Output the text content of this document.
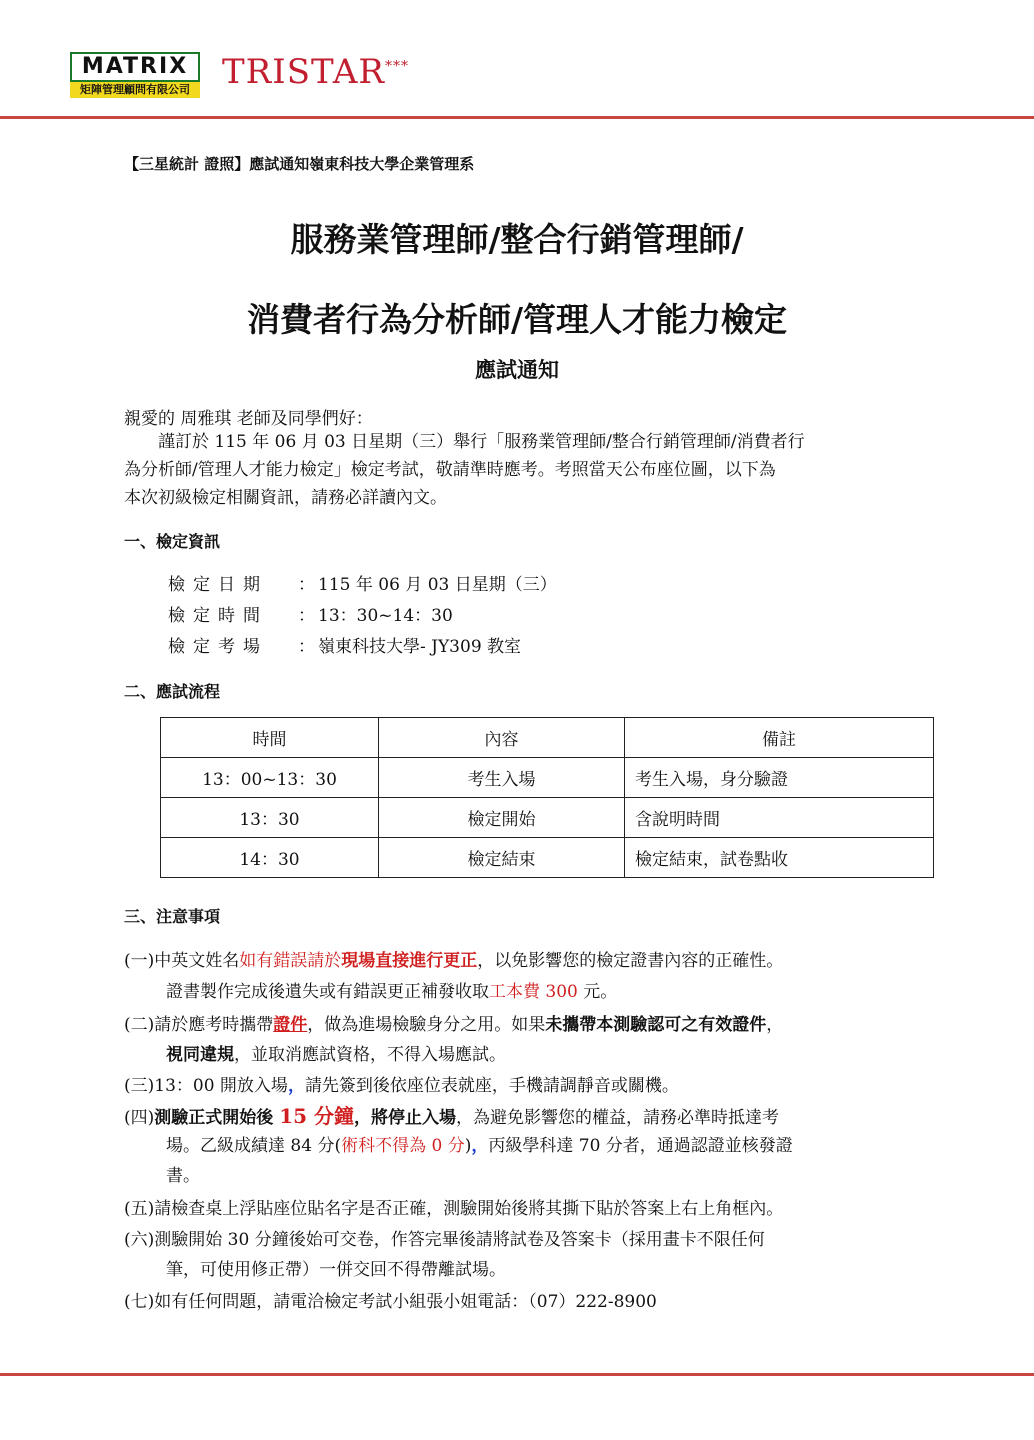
MATRIX
矩陣管理顧問有限公司 TRISTAR***
【三星統計 證照】應試通知嶺東科技大學企業管理系
服務業管理師/整合行銷管理師/
消費者行為分析師/管理人才能力檢定
應試通知
親愛的 周雅琪 老師及同學們好：
　　謹訂於 115 年 06 月 03 日星期（三）舉行「服務業管理師/整合行銷管理師/消費者行
為分析師/管理人才能力檢定」檢定考試，敬請準時應考。考照當天公布座位圖，以下為
本次初級檢定相關資訊，請務必詳讀內文。
一、檢定資訊
檢定日期 ： 115 年 06 月 03 日星期（三）
檢定時間 ： 13：30~14：30
檢定考場 ： 嶺東科技大學- JY309 教室
二、應試流程
時間	內容	備註
13：00~13：30	考生入場	考生入場，身分驗證
13：30	檢定開始	含說明時間
14：30	檢定結束	檢定結束，試卷點收
三、注意事項
(一)中英文姓名如有錯誤請於現場直接進行更正，以免影響您的檢定證書內容的正確性。
證書製作完成後遺失或有錯誤更正補發收取工本費 300 元。
(二)請於應考時攜帶證件，做為進場檢驗身分之用。如果未攜帶本測驗認可之有效證件，
視同違規，並取消應試資格，不得入場應試。
(三)13：00 開放入場，請先簽到後依座位表就座，手機請調靜音或關機。
(四)測驗正式開始後 15 分鐘，將停止入場，為避免影響您的權益，請務必準時抵達考
場。乙級成績達 84 分(術科不得為 0 分)，丙級學科達 70 分者，通過認證並核發證
書。
(五)請檢查桌上浮貼座位貼名字是否正確，測驗開始後將其撕下貼於答案上右上角框內。
(六)測驗開始 30 分鐘後始可交卷，作答完畢後請將試卷及答案卡（採用畫卡不限任何
筆，可使用修正帶）一併交回不得帶離試場。
(七)如有任何問題，請電洽檢定考試小組張小姐電話：（07）222-8900
